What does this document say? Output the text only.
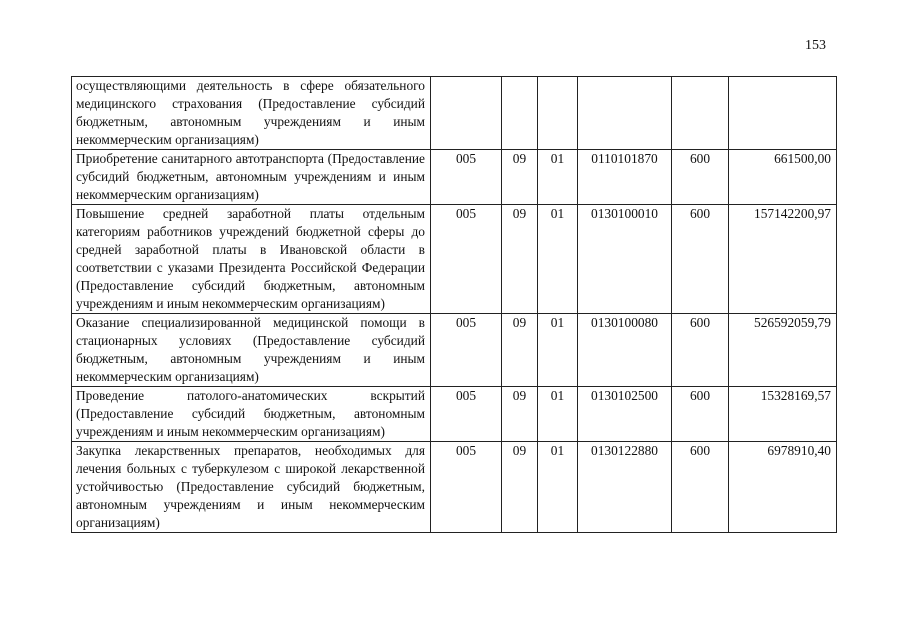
153
осуществляющими деятельность в сфере обязательного медицинского страхования (Предоставление субсидий бюджетным, автономным учреждениям и иным некоммерческим организациям)						
Приобретение санитарного автотранспорта (Предоставление субсидий бюджетным, автономным учреждениям и иным некоммерческим организациям)	005	09	01	0110101870	600	661500,00
Повышение средней заработной платы отдельным категориям работников учреждений бюджетной сферы до средней заработной платы в Ивановской области в соответствии с указами Президента Российской Федерации (Предоставление субсидий бюджетным, автономным учреждениям и иным некоммерческим организациям)	005	09	01	0130100010	600	157142200,97
Оказание специализированной медицинской помощи в стационарных условиях (Предоставление субсидий бюджетным, автономным учреждениям и иным некоммерческим организациям)	005	09	01	0130100080	600	526592059,79
Проведение патолого-анатомических вскрытий (Предоставление субсидий бюджетным, автономным учреждениям и иным некоммерческим организациям)	005	09	01	0130102500	600	15328169,57
Закупка лекарственных препаратов, необходимых для лечения больных с туберкулезом с широкой лекарственной устойчивостью (Предоставление субсидий бюджетным, автономным учреждениям и иным некоммерческим организациям)	005	09	01	0130122880	600	6978910,40
